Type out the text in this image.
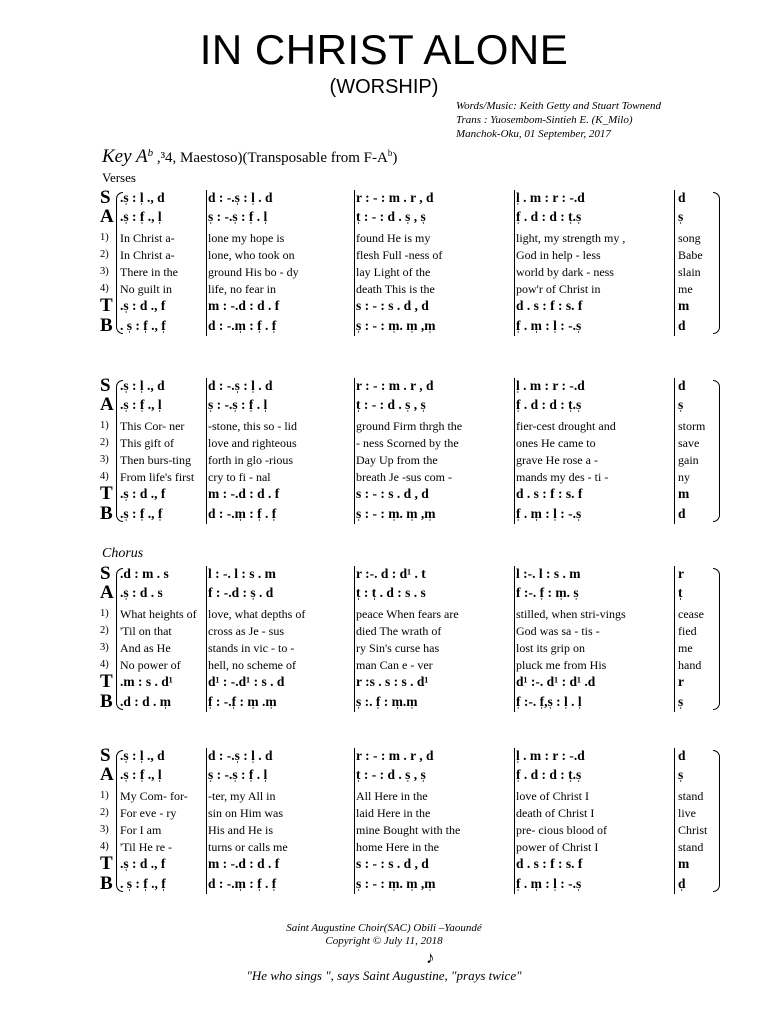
IN CHRIST ALONE
(WORSHIP)
Words/Music: Keith Getty and Stuart Townend
Trans : Yuosembom-Sintieh E. (K_Milo)
Manchok-Oku, 01 September, 2017
Key $A^b$ ,³4, Maestoso)(Transposable from $F-A^b$)
S .s̩ : l̩ ., d	d : -.s̩ : l̩ . d	r : - : m . r , d	l̩ . m : r : -.d	d
A .s̩ : f̩ ., l̩	s̩ : -.s̩ : f̩ . l̩	t̩ : - : d . s̩ , s̩	f̩ . d : d : t̩.s̩	s̩
1) In Christ a-	lone my hope is	found He is my	light, my strength my ,	song
2) In Christ a-	lone, who took on	flesh Full -ness of	God in help - less	Babe
3) There in the	ground His bo - dy	lay Light of the	world by dark - ness	slain
4) No guilt in	life, no fear in	death This is the	pow'r of Christ in	me
T .s̩ : d ., f	m : -.d : d . f	s : - : s . d , d	d . s : f : s. f	m
B . s̩ : f̩ ., f̩	d : -.m̩ : f̩ . f̩	s̩ : - : m̩. m̩ ,m̩	f̩ . m̩ : l̩ : -.s̩	d
S .s̩ : l̩ ., d	d : -.s̩ : l̩ . d	r : - : m . r , d	l̩ . m : r : -.d	d
A .s̩ : f̩ ., l̩	s̩ : -.s̩ : f̩ . l̩	t̩ : - : d . s̩ , s̩	f̩ . d : d : t̩.s̩	s̩
1) This Cor- ner	-stone, this so - lid	ground Firm thrgh the	fier-cest drought and	storm
2) This gift of	love and righteous	- ness Scorned by the	ones He came to	save
3) Then burs-ting	forth in glo -rious	Day Up from the	grave He rose a -	gain
4) From life's first	cry to fi - nal	breath Je -sus com -	mands my des - ti -	ny
T .s̩ : d ., f	m : -.d : d . f	s : - : s . d , d	d . s : f : s. f	m
B .s̩ : f̩ ., f̩	d : -.m̩ : f̩ . f̩	s̩ : - : m̩. m̩ ,m̩	f̩ . m̩ : l̩ : -.s̩	d
S .d : m . s	l : -. l : s . m	r :-. d : d¹ . t	l :-. l : s . m	r
A .s̩ : d . s	f : -.d : s̩ . d	t̩ : t̩ . d : s . s	f :-. f̩ : m̩. s̩	t̩
1) What heights of love, what depths of	peace When fears are	stilled, when stri-vings	cease
2) 'Til on that	cross as Je - sus	died The wrath of	God was sa - tis -	fied
3) And as He	stands in vic - to -	ry Sin's curse has	lost its grip on	me
4) No power of	hell, no scheme of	man Can e - ver	pluck me from His	hand
T .m : s . d¹	d¹ : -.d¹ : s . d	r :s . s : s . d¹	d¹ :-. d¹ : d¹ .d	r
B .d : d . m̩	f̩ : -.f̩ : m̩ .m̩	s̩ :. f̩ : m̩.m̩	f̩ :-. f̩,s̩ : l̩ . l̩	s̩
S .s̩ : l̩ ., d	d : -.s̩ : l̩ . d	r : - : m . r , d	l̩ . m : r : -.d	d
A .s̩ : f̩ ., l̩	s̩ : -.s̩ : f̩ . l̩	t̩ : - : d . s̩ , s̩	f̩ . d : d : t̩.s̩	s̩
1) My Com- for-	-ter, my All in	All Here in the	love of Christ I	stand
2) For eve - ry	sin on Him was	laid Here in the	death of Christ I	live
3) For I am	His and He is	mine Bought with the	pre- cious blood of	Christ
4) 'Til He re -	turns or calls me	home Here in the	power of Christ I	stand
T .s̩ : d ., f	m : -.d : d . f	s : - : s . d , d	d . s : f : s. f	m
B . s̩ : f̩ ., f̩	d : -.m̩ : f̩ . f̩	s̩ : - : m̩. m̩ ,m̩	f̩ . m̩ : l̩ : -.s̩	d̩
Saint Augustine Choir(SAC) Obili –Yaoundé
Copyright © July 11, 2018
♪
"He who sings ", says Saint Augustine, "prays twice"
Verses
Chorus
